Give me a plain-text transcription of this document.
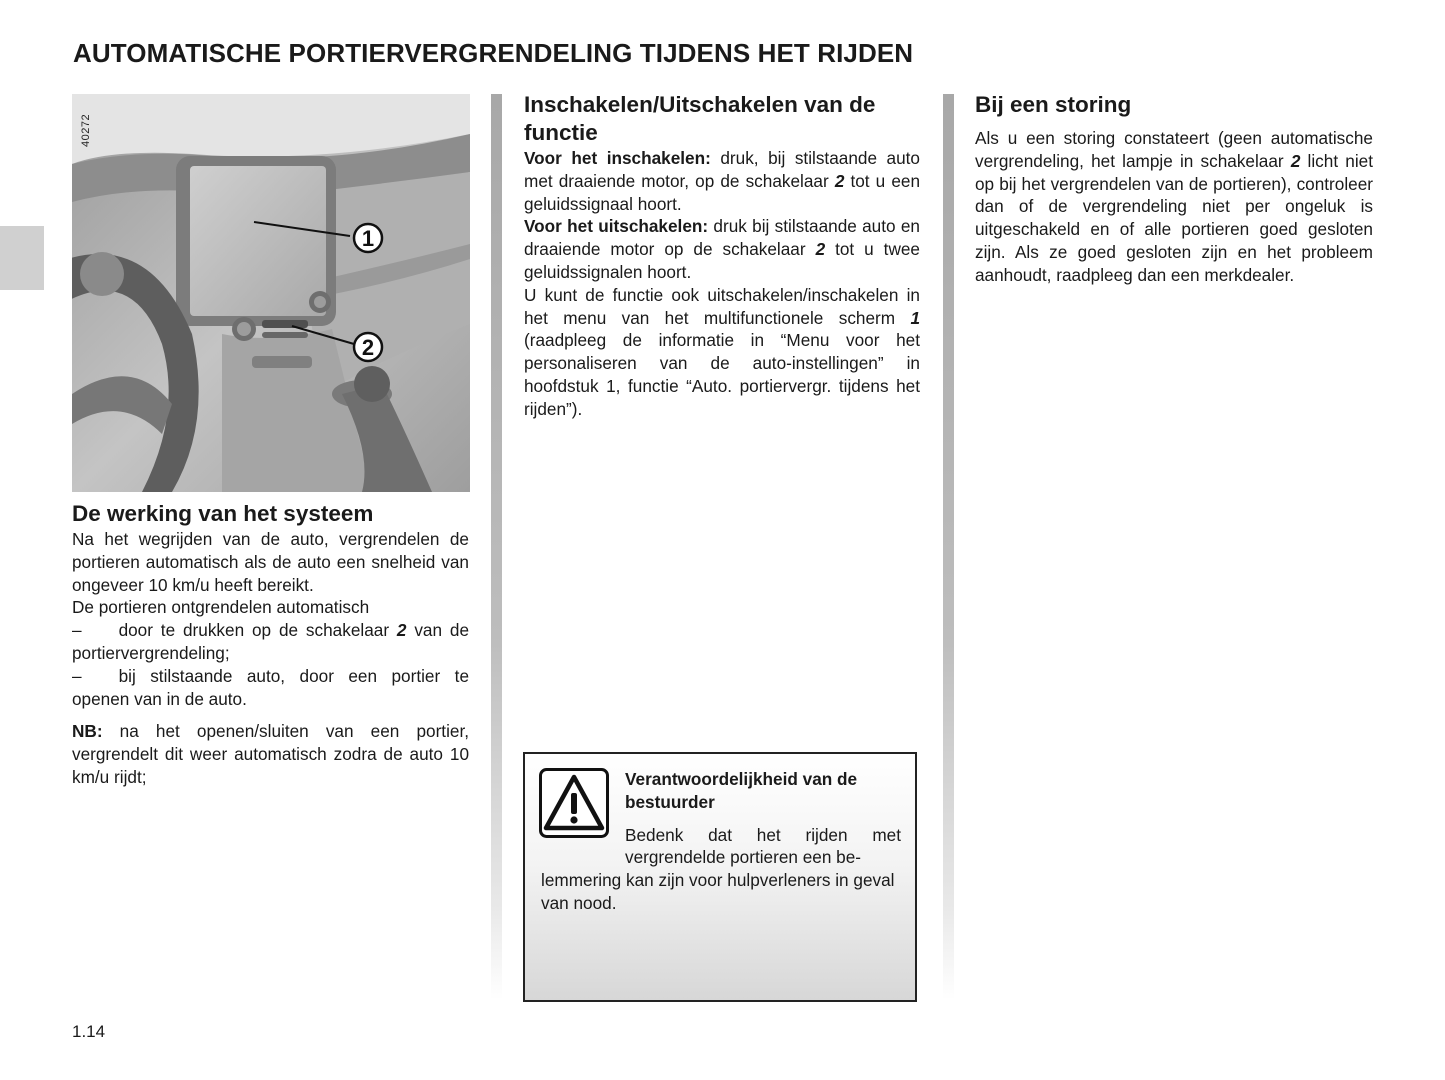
AUTOMATISCHE PORTIERVERGRENDELING TIJDENS HET RIJDEN
1
2
40272
De werking van het systeem

Na het wegrijden van de auto, vergrendelen de portieren automatisch als de auto een snelheid van ongeveer 10 km/u heeft bereikt.

De portieren ontgrendelen automatisch

– door te drukken op de schakelaar 2 van de portiervergrendeling;

– bij stilstaande auto, door een portier te openen van in de auto.

NB: na het openen/sluiten van een portier, vergrendelt dit weer automatisch zodra de auto 10 km/u rijdt;

Inschakelen/Uitschakelen van de functie

Voor het inschakelen: druk, bij stilstaande auto met draaiende motor, op de schakelaar 2 tot u een geluidssignaal hoort.

Voor het uitschakelen: druk bij stilstaande auto en draaiende motor op de schakelaar 2 tot u twee geluidssignalen hoort.

U kunt de functie ook uitschakelen/inschakelen in het menu van het multifunctionele scherm 1 (raadpleeg de informatie in “Menu voor het personaliseren van de auto-instellingen” in hoofdstuk 1, functie “Auto. portiervergr. tijdens het rijden”).

Verantwoordelijkheid van de bestuurder

Bedenk dat het rijden met vergrendelde portieren een be-

lemmering kan zijn voor hulpverleners in geval van nood.

Bij een storing

Als u een storing constateert (geen automatische vergrendeling, het lampje in schakelaar 2 licht niet op bij het vergrendelen van de portieren), controleer dan of de vergrendeling niet per ongeluk is uitgeschakeld en of alle portieren goed gesloten zijn. Als ze goed gesloten zijn en het probleem aanhoudt, raadpleeg dan een merkdealer.

1.14
